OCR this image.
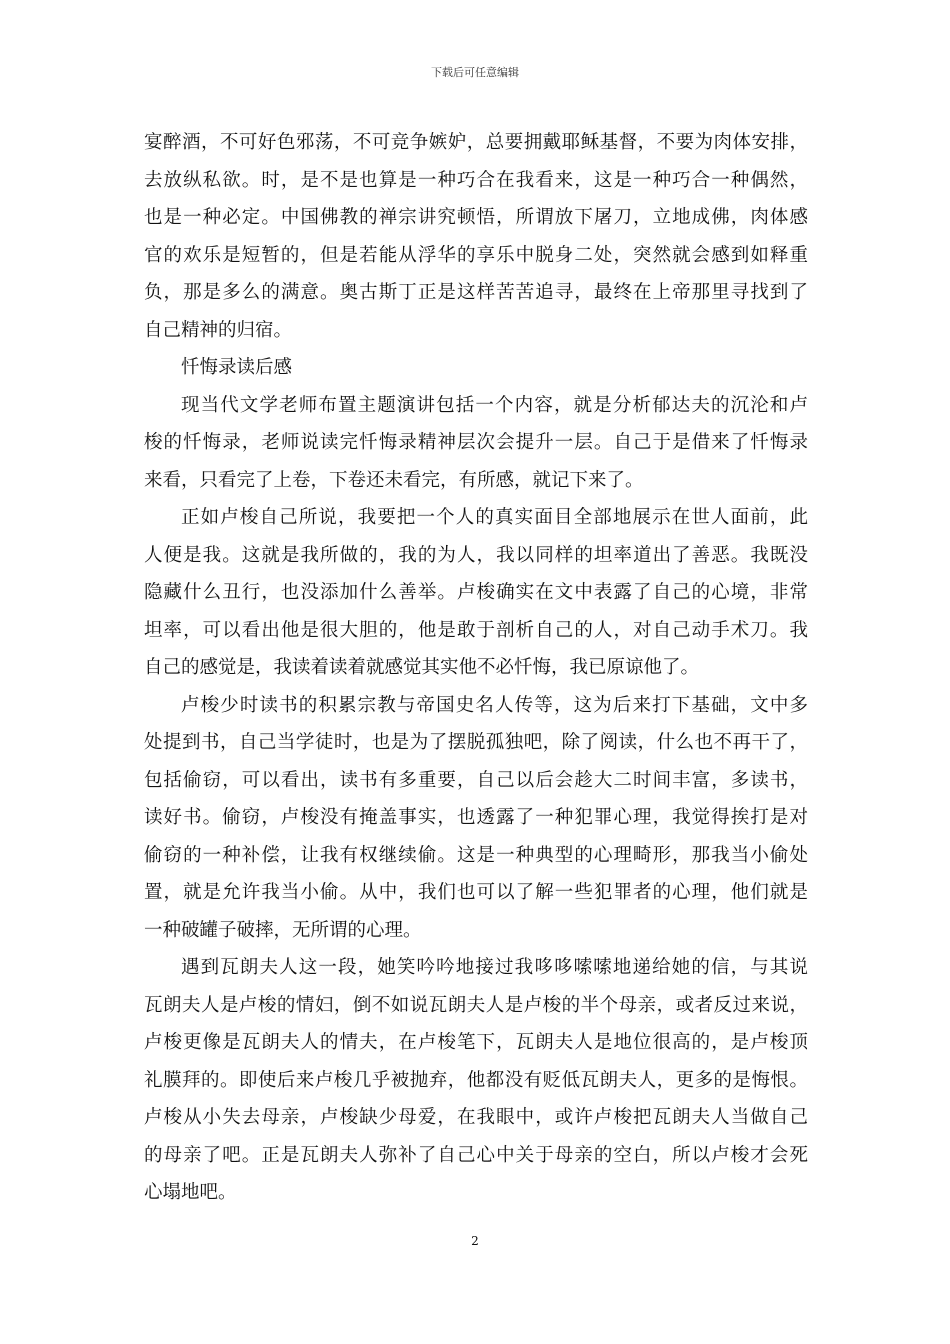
下载后可任意编辑
宴醉酒，不可好色邪荡，不可竞争嫉妒，总要拥戴耶稣基督，不要为肉体安排，
去放纵私欲。时，是不是也算是一种巧合在我看来，这是一种巧合一种偶然，
也是一种必定。中国佛教的禅宗讲究顿悟，所谓放下屠刀，立地成佛，肉体感
官的欢乐是短暂的，但是若能从浮华的享乐中脱身二处，突然就会感到如释重
负，那是多么的满意。奥古斯丁正是这样苦苦追寻，最终在上帝那里寻找到了
自己精神的归宿。
忏悔录读后感
现当代文学老师布置主题演讲包括一个内容，就是分析郁达夫的沉沦和卢
梭的忏悔录，老师说读完忏悔录精神层次会提升一层。自己于是借来了忏悔录
来看，只看完了上卷，下卷还未看完，有所感，就记下来了。
正如卢梭自己所说，我要把一个人的真实面目全部地展示在世人面前，此
人便是我。这就是我所做的，我的为人，我以同样的坦率道出了善恶。我既没
隐藏什么丑行，也没添加什么善举。卢梭确实在文中表露了自己的心境，非常
坦率，可以看出他是很大胆的，他是敢于剖析自己的人，对自己动手术刀。我
自己的感觉是，我读着读着就感觉其实他不必忏悔，我已原谅他了。
卢梭少时读书的积累宗教与帝国史名人传等，这为后来打下基础，文中多
处提到书，自己当学徒时，也是为了摆脱孤独吧，除了阅读，什么也不再干了，
包括偷窃，可以看出，读书有多重要，自己以后会趁大二时间丰富，多读书，
读好书。偷窃，卢梭没有掩盖事实，也透露了一种犯罪心理，我觉得挨打是对
偷窃的一种补偿，让我有权继续偷。这是一种典型的心理畸形，那我当小偷处
置，就是允许我当小偷。从中，我们也可以了解一些犯罪者的心理，他们就是
一种破罐子破摔，无所谓的心理。
遇到瓦朗夫人这一段，她笑吟吟地接过我哆哆嗦嗦地递给她的信，与其说
瓦朗夫人是卢梭的情妇，倒不如说瓦朗夫人是卢梭的半个母亲，或者反过来说，
卢梭更像是瓦朗夫人的情夫，在卢梭笔下，瓦朗夫人是地位很高的，是卢梭顶
礼膜拜的。即使后来卢梭几乎被抛弃，他都没有贬低瓦朗夫人，更多的是悔恨。
卢梭从小失去母亲，卢梭缺少母爱，在我眼中，或许卢梭把瓦朗夫人当做自己
的母亲了吧。正是瓦朗夫人弥补了自己心中关于母亲的空白，所以卢梭才会死
心塌地吧。
2
